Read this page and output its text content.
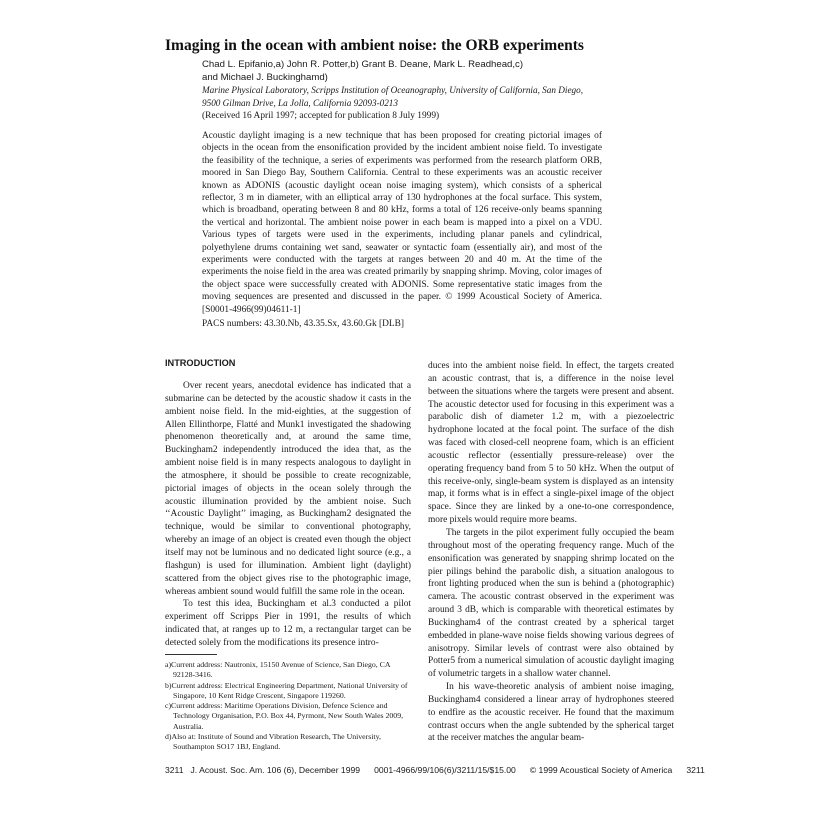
Imaging in the ocean with ambient noise: the ORB experiments
Chad L. Epifanio,a) John R. Potter,b) Grant B. Deane, Mark L. Readhead,c)
and Michael J. Buckinghamd)
Marine Physical Laboratory, Scripps Institution of Oceanography, University of California, San Diego,
9500 Gilman Drive, La Jolla, California 92093-0213
(Received 16 April 1997; accepted for publication 8 July 1999)
Acoustic daylight imaging is a new technique that has been proposed for creating pictorial images of objects in the ocean from the ensonification provided by the incident ambient noise field. To investigate the feasibility of the technique, a series of experiments was performed from the research platform ORB, moored in San Diego Bay, Southern California. Central to these experiments was an acoustic receiver known as ADONIS (acoustic daylight ocean noise imaging system), which consists of a spherical reflector, 3 m in diameter, with an elliptical array of 130 hydrophones at the focal surface. This system, which is broadband, operating between 8 and 80 kHz, forms a total of 126 receive-only beams spanning the vertical and horizontal. The ambient noise power in each beam is mapped into a pixel on a VDU. Various types of targets were used in the experiments, including planar panels and cylindrical, polyethylene drums containing wet sand, seawater or syntactic foam (essentially air), and most of the experiments were conducted with the targets at ranges between 20 and 40 m. At the time of the experiments the noise field in the area was created primarily by snapping shrimp. Moving, color images of the object space were successfully created with ADONIS. Some representative static images from the moving sequences are presented and discussed in the paper. © 1999 Acoustical Society of America. [S0001-4966(99)04611-1]
PACS numbers: 43.30.Nb, 43.35.Sx, 43.60.Gk [DLB]
INTRODUCTION

Over recent years, anecdotal evidence has indicated that a submarine can be detected by the acoustic shadow it casts in the ambient noise field. In the mid-eighties, at the suggestion of Allen Ellinthorpe, Flatté and Munk1 investigated the shadowing phenomenon theoretically and, at around the same time, Buckingham2 independently introduced the idea that, as the ambient noise field is in many respects analogous to daylight in the atmosphere, it should be possible to create recognizable, pictorial images of objects in the ocean solely through the acoustic illumination provided by the ambient noise. Such ‘‘Acoustic Daylight’’ imaging, as Buckingham2 designated the technique, would be similar to conventional photography, whereby an image of an object is created even though the object itself may not be luminous and no dedicated light source (e.g., a flashgun) is used for illumination. Ambient light (daylight) scattered from the object gives rise to the photographic image, whereas ambient sound would fulfill the same role in the ocean.

To test this idea, Buckingham et al.3 conducted a pilot experiment off Scripps Pier in 1991, the results of which indicated that, at ranges up to 12 m, a rectangular target can be detected solely from the modifications its presence intro-

duces into the ambient noise field. In effect, the targets created an acoustic contrast, that is, a difference in the noise level between the situations where the targets were present and absent. The acoustic detector used for focusing in this experiment was a parabolic dish of diameter 1.2 m, with a piezoelectric hydrophone located at the focal point. The surface of the dish was faced with closed-cell neoprene foam, which is an efficient acoustic reflector (essentially pressure-release) over the operating frequency band from 5 to 50 kHz. When the output of this receive-only, single-beam system is displayed as an intensity map, it forms what is in effect a single-pixel image of the object space. Since they are linked by a one-to-one correspondence, more pixels would require more beams.

The targets in the pilot experiment fully occupied the beam throughout most of the operating frequency range. Much of the ensonification was generated by snapping shrimp located on the pier pilings behind the parabolic dish, a situation analogous to front lighting produced when the sun is behind a (photographic) camera. The acoustic contrast observed in the experiment was around 3 dB, which is comparable with theoretical estimates by Buckingham4 of the contrast created by a spherical target embedded in plane-wave noise fields showing various degrees of anisotropy. Similar levels of contrast were also obtained by Potter5 from a numerical simulation of acoustic daylight imaging of volumetric targets in a shallow water channel.

In his wave-theoretic analysis of ambient noise imaging, Buckingham4 considered a linear array of hydrophones steered to endfire as the acoustic receiver. He found that the maximum contrast occurs when the angle subtended by the spherical target at the receiver matches the angular beam-

a)Current address: Nautronix, 15150 Avenue of Science, San Diego, CA 92128-3416.
b)Current address: Electrical Engineering Department, National University of Singapore, 10 Kent Ridge Crescent, Singapore 119260.
c)Current address: Maritime Operations Division, Defence Science and Technology Organisation, P.O. Box 44, Pyrmont, New South Wales 2009, Australia.
d)Also at: Institute of Sound and Vibration Research, The University, Southampton SO17 1BJ, England.
3211 J. Acoust. Soc. Am. 106 (6), December 1999 0001-4966/99/106(6)/3211/15/$15.00 © 1999 Acoustical Society of America 3211
